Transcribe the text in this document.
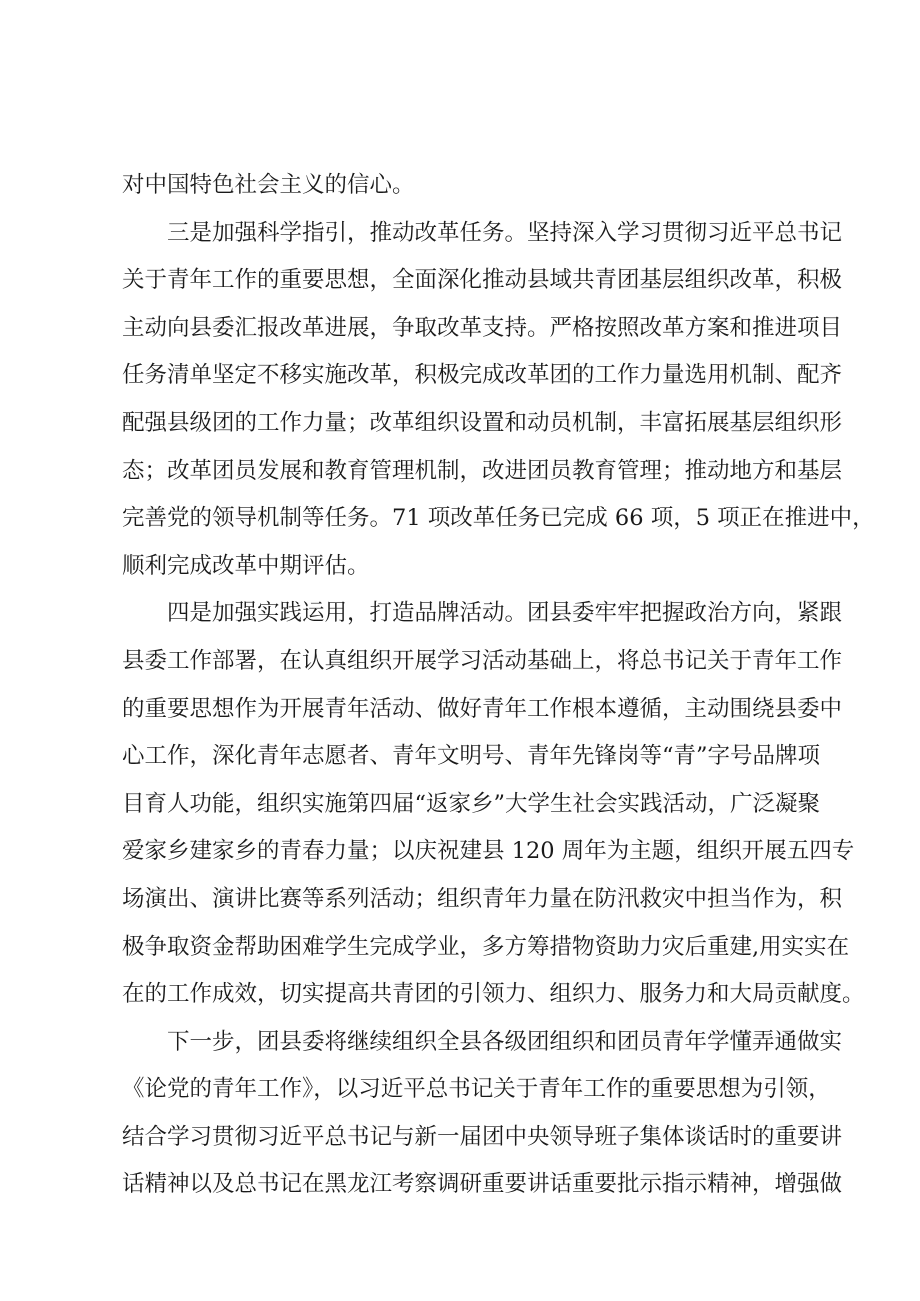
对中国特色社会主义的信心。

三是加强科学指引，推动改革任务。坚持深入学习贯彻习近平总书记
关于青年工作的重要思想，全面深化推动县域共青团基层组织改革，积极
主动向县委汇报改革进展，争取改革支持。严格按照改革方案和推进项目
任务清单坚定不移实施改革，积极完成改革团的工作力量选用机制、配齐
配强县级团的工作力量；改革组织设置和动员机制，丰富拓展基层组织形
态；改革团员发展和教育管理机制，改进团员教育管理；推动地方和基层
完善党的领导机制等任务。71 项改革任务已完成 66 项，5 项正在推进中，
顺利完成改革中期评估。

四是加强实践运用，打造品牌活动。团县委牢牢把握政治方向，紧跟
县委工作部署，在认真组织开展学习活动基础上，将总书记关于青年工作
的重要思想作为开展青年活动、做好青年工作根本遵循，主动围绕县委中
心工作，深化青年志愿者、青年文明号、青年先锋岗等“青”字号品牌项
目育人功能，组织实施第四届“返家乡”大学生社会实践活动，广泛凝聚
爱家乡建家乡的青春力量；以庆祝建县 120 周年为主题，组织开展五四专
场演出、演讲比赛等系列活动；组织青年力量在防汛救灾中担当作为，积
极争取资金帮助困难学生完成学业，多方筹措物资助力灾后重建,用实实在
在的工作成效，切实提高共青团的引领力、组织力、服务力和大局贡献度。

下一步，团县委将继续组织全县各级团组织和团员青年学懂弄通做实
《论党的青年工作》，以习近平总书记关于青年工作的重要思想为引领，
结合学习贯彻习近平总书记与新一届团中央领导班子集体谈话时的重要讲
话精神以及总书记在黑龙江考察调研重要讲话重要批示指示精神，增强做
